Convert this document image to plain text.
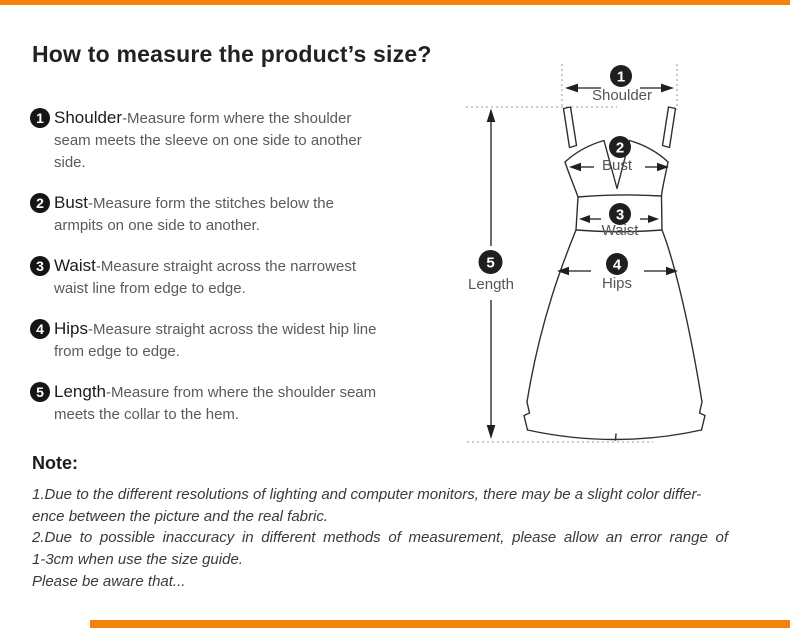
How to measure the product’s size?
1 Shoulder-Measure form where the shoulder seam meets the sleeve on one side to another side.
2 Bust-Measure form the stitches below the armpits on one side to another.
3 Waist-Measure straight across the narrowest waist line from edge to edge.
4 Hips-Measure straight across the widest hip line from edge to edge.
5 Length-Measure from where the shoulder seam meets the collar to the hem.
1
2
3
4
5
Shoulder
Bust
Waist
Hips
Length
Note:
1.Due to the different resolutions of lighting and computer monitors, there may be a slight color differ-
ence between the picture and the real fabric.
2.Due to possible inaccuracy in different methods of measurement, please allow an error range of
1-3cm when use the size guide.
Please be aware that...
